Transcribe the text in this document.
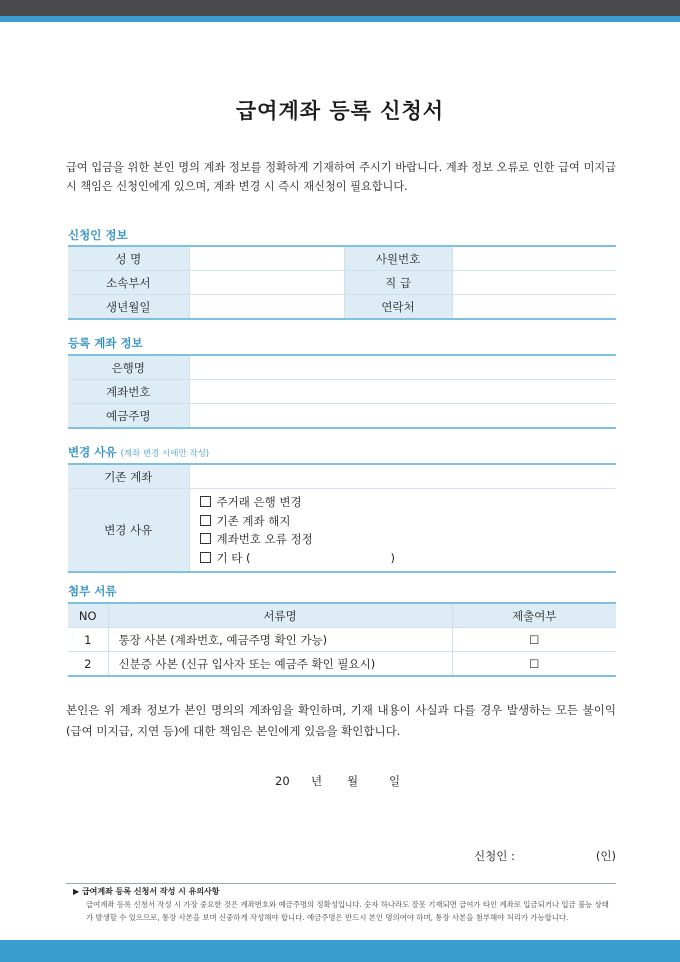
급여계좌 등록 신청서
급여 입금을 위한 본인 명의 계좌 정보를 정확하게 기재하여 주시기 바랍니다. 계좌 정보 오류로 인한 급여 미지급 시 책임은 신청인에게 있으며, 계좌 변경 시 즉시 재신청이 필요합니다.
신청인 정보
성 명		사원번호	
소속부서		직 급	
생년월일		연락처	
등록 계좌 정보
은행명	
계좌번호	
예금주명	
변경 사유 (계좌 변경 시에만 작성)
기존 계좌	
변경 사유	주거래 은행 변경
기존 계좌 해지
계좌번호 오류 정정
기 타 ( )
첨부 서류
NO	서류명	제출여부
1	통장 사본 (계좌번호, 예금주명 확인 가능)	☐
2	신분증 사본 (신규 입사자 또는 예금주 확인 필요시)	☐
본인은 위 계좌 정보가 본인 명의의 계좌임을 확인하며, 기재 내용이 사실과 다를 경우 발생하는 모든 불이익(급여 미지급, 지연 등)에 대한 책임은 본인에게 있음을 확인합니다.
20 년 월	일
신청인 :	(인)
▶ 급여계좌 등록 신청서 작성 시 유의사항
급여계좌 등록 신청서 작성 시 가장 중요한 것은 계좌번호와 예금주명의 정확성입니다. 숫자 하나라도 잘못 기재되면 급여가 타인 계좌로 입금되거나 입금 불능 상태가 발생할 수 있으므로, 통장 사본을 보며 신중하게 작성해야 합니다. 예금주명은 반드시 본인 명의여야 하며, 통장 사본을 첨부해야 처리가 가능합니다.
